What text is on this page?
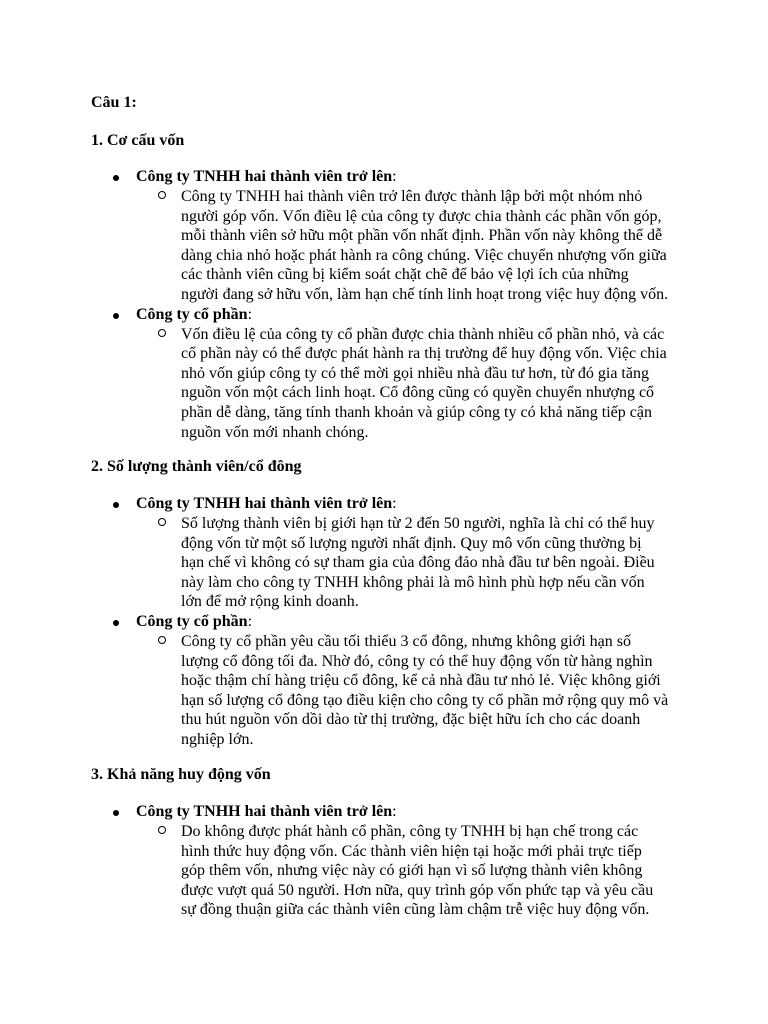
Câu 1:
1. Cơ cấu vốn
Công ty TNHH hai thành viên trở lên:

Công ty TNHH hai thành viên trở lên được thành lập bởi một nhóm nhỏ
người góp vốn. Vốn điều lệ của công ty được chia thành các phần vốn góp,
mỗi thành viên sở hữu một phần vốn nhất định. Phần vốn này không thể dễ
dàng chia nhỏ hoặc phát hành ra công chúng. Việc chuyển nhượng vốn giữa
các thành viên cũng bị kiểm soát chặt chẽ để bảo vệ lợi ích của những
người đang sở hữu vốn, làm hạn chế tính linh hoạt trong việc huy động vốn.

Công ty cổ phần:

Vốn điều lệ của công ty cổ phần được chia thành nhiều cổ phần nhỏ, và các
cổ phần này có thể được phát hành ra thị trường để huy động vốn. Việc chia
nhỏ vốn giúp công ty có thể mời gọi nhiều nhà đầu tư hơn, từ đó gia tăng
nguồn vốn một cách linh hoạt. Cổ đông cũng có quyền chuyển nhượng cổ
phần dễ dàng, tăng tính thanh khoản và giúp công ty có khả năng tiếp cận
nguồn vốn mới nhanh chóng.

2. Số lượng thành viên/cổ đông
Công ty TNHH hai thành viên trở lên:

Số lượng thành viên bị giới hạn từ 2 đến 50 người, nghĩa là chỉ có thể huy
động vốn từ một số lượng người nhất định. Quy mô vốn cũng thường bị
hạn chế vì không có sự tham gia của đông đảo nhà đầu tư bên ngoài. Điều
này làm cho công ty TNHH không phải là mô hình phù hợp nếu cần vốn
lớn để mở rộng kinh doanh.

Công ty cổ phần:

Công ty cổ phần yêu cầu tối thiểu 3 cổ đông, nhưng không giới hạn số
lượng cổ đông tối đa. Nhờ đó, công ty có thể huy động vốn từ hàng nghìn
hoặc thậm chí hàng triệu cổ đông, kể cả nhà đầu tư nhỏ lẻ. Việc không giới
hạn số lượng cổ đông tạo điều kiện cho công ty cổ phần mở rộng quy mô và
thu hút nguồn vốn dồi dào từ thị trường, đặc biệt hữu ích cho các doanh
nghiệp lớn.

3. Khả năng huy động vốn
Công ty TNHH hai thành viên trở lên:

Do không được phát hành cổ phần, công ty TNHH bị hạn chế trong các
hình thức huy động vốn. Các thành viên hiện tại hoặc mới phải trực tiếp
góp thêm vốn, nhưng việc này có giới hạn vì số lượng thành viên không
được vượt quá 50 người. Hơn nữa, quy trình góp vốn phức tạp và yêu cầu
sự đồng thuận giữa các thành viên cũng làm chậm trễ việc huy động vốn.
